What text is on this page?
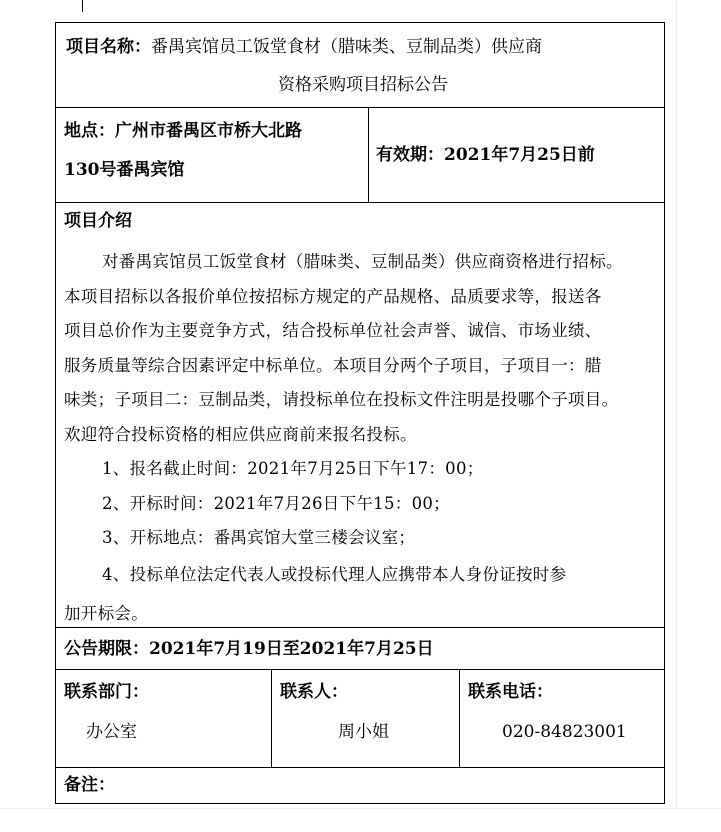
项目名称：番禺宾馆员工饭堂食材（腊味类、豆制品类）供应商
资格采购项目招标公告
地点：广州市番禺区市桥大北路
130号番禺宾馆
有效期：2021年7月25日前
项目介绍
对番禺宾馆员工饭堂食材（腊味类、豆制品类）供应商资格进行招标。
本项目招标以各报价单位按招标方规定的产品规格、品质要求等，报送各
项目总价作为主要竞争方式，结合投标单位社会声誉、诚信、市场业绩、
服务质量等综合因素评定中标单位。本项目分两个子项目，子项目一：腊
味类；子项目二：豆制品类，请投标单位在投标文件注明是投哪个子项目。
欢迎符合投标资格的相应供应商前来报名投标。
1、报名截止时间：2021年7月25日下午17：00；
2、开标时间：2021年7月26日下午15：00；
3、开标地点：番禺宾馆大堂三楼会议室；
4、投标单位法定代表人或投标代理人应携带本人身份证按时参
加开标会。
公告期限：2021年7月19日至2021年7月25日
联系部门：
办公室
联系人：
周小姐
联系电话：
020-84823001
备注：
